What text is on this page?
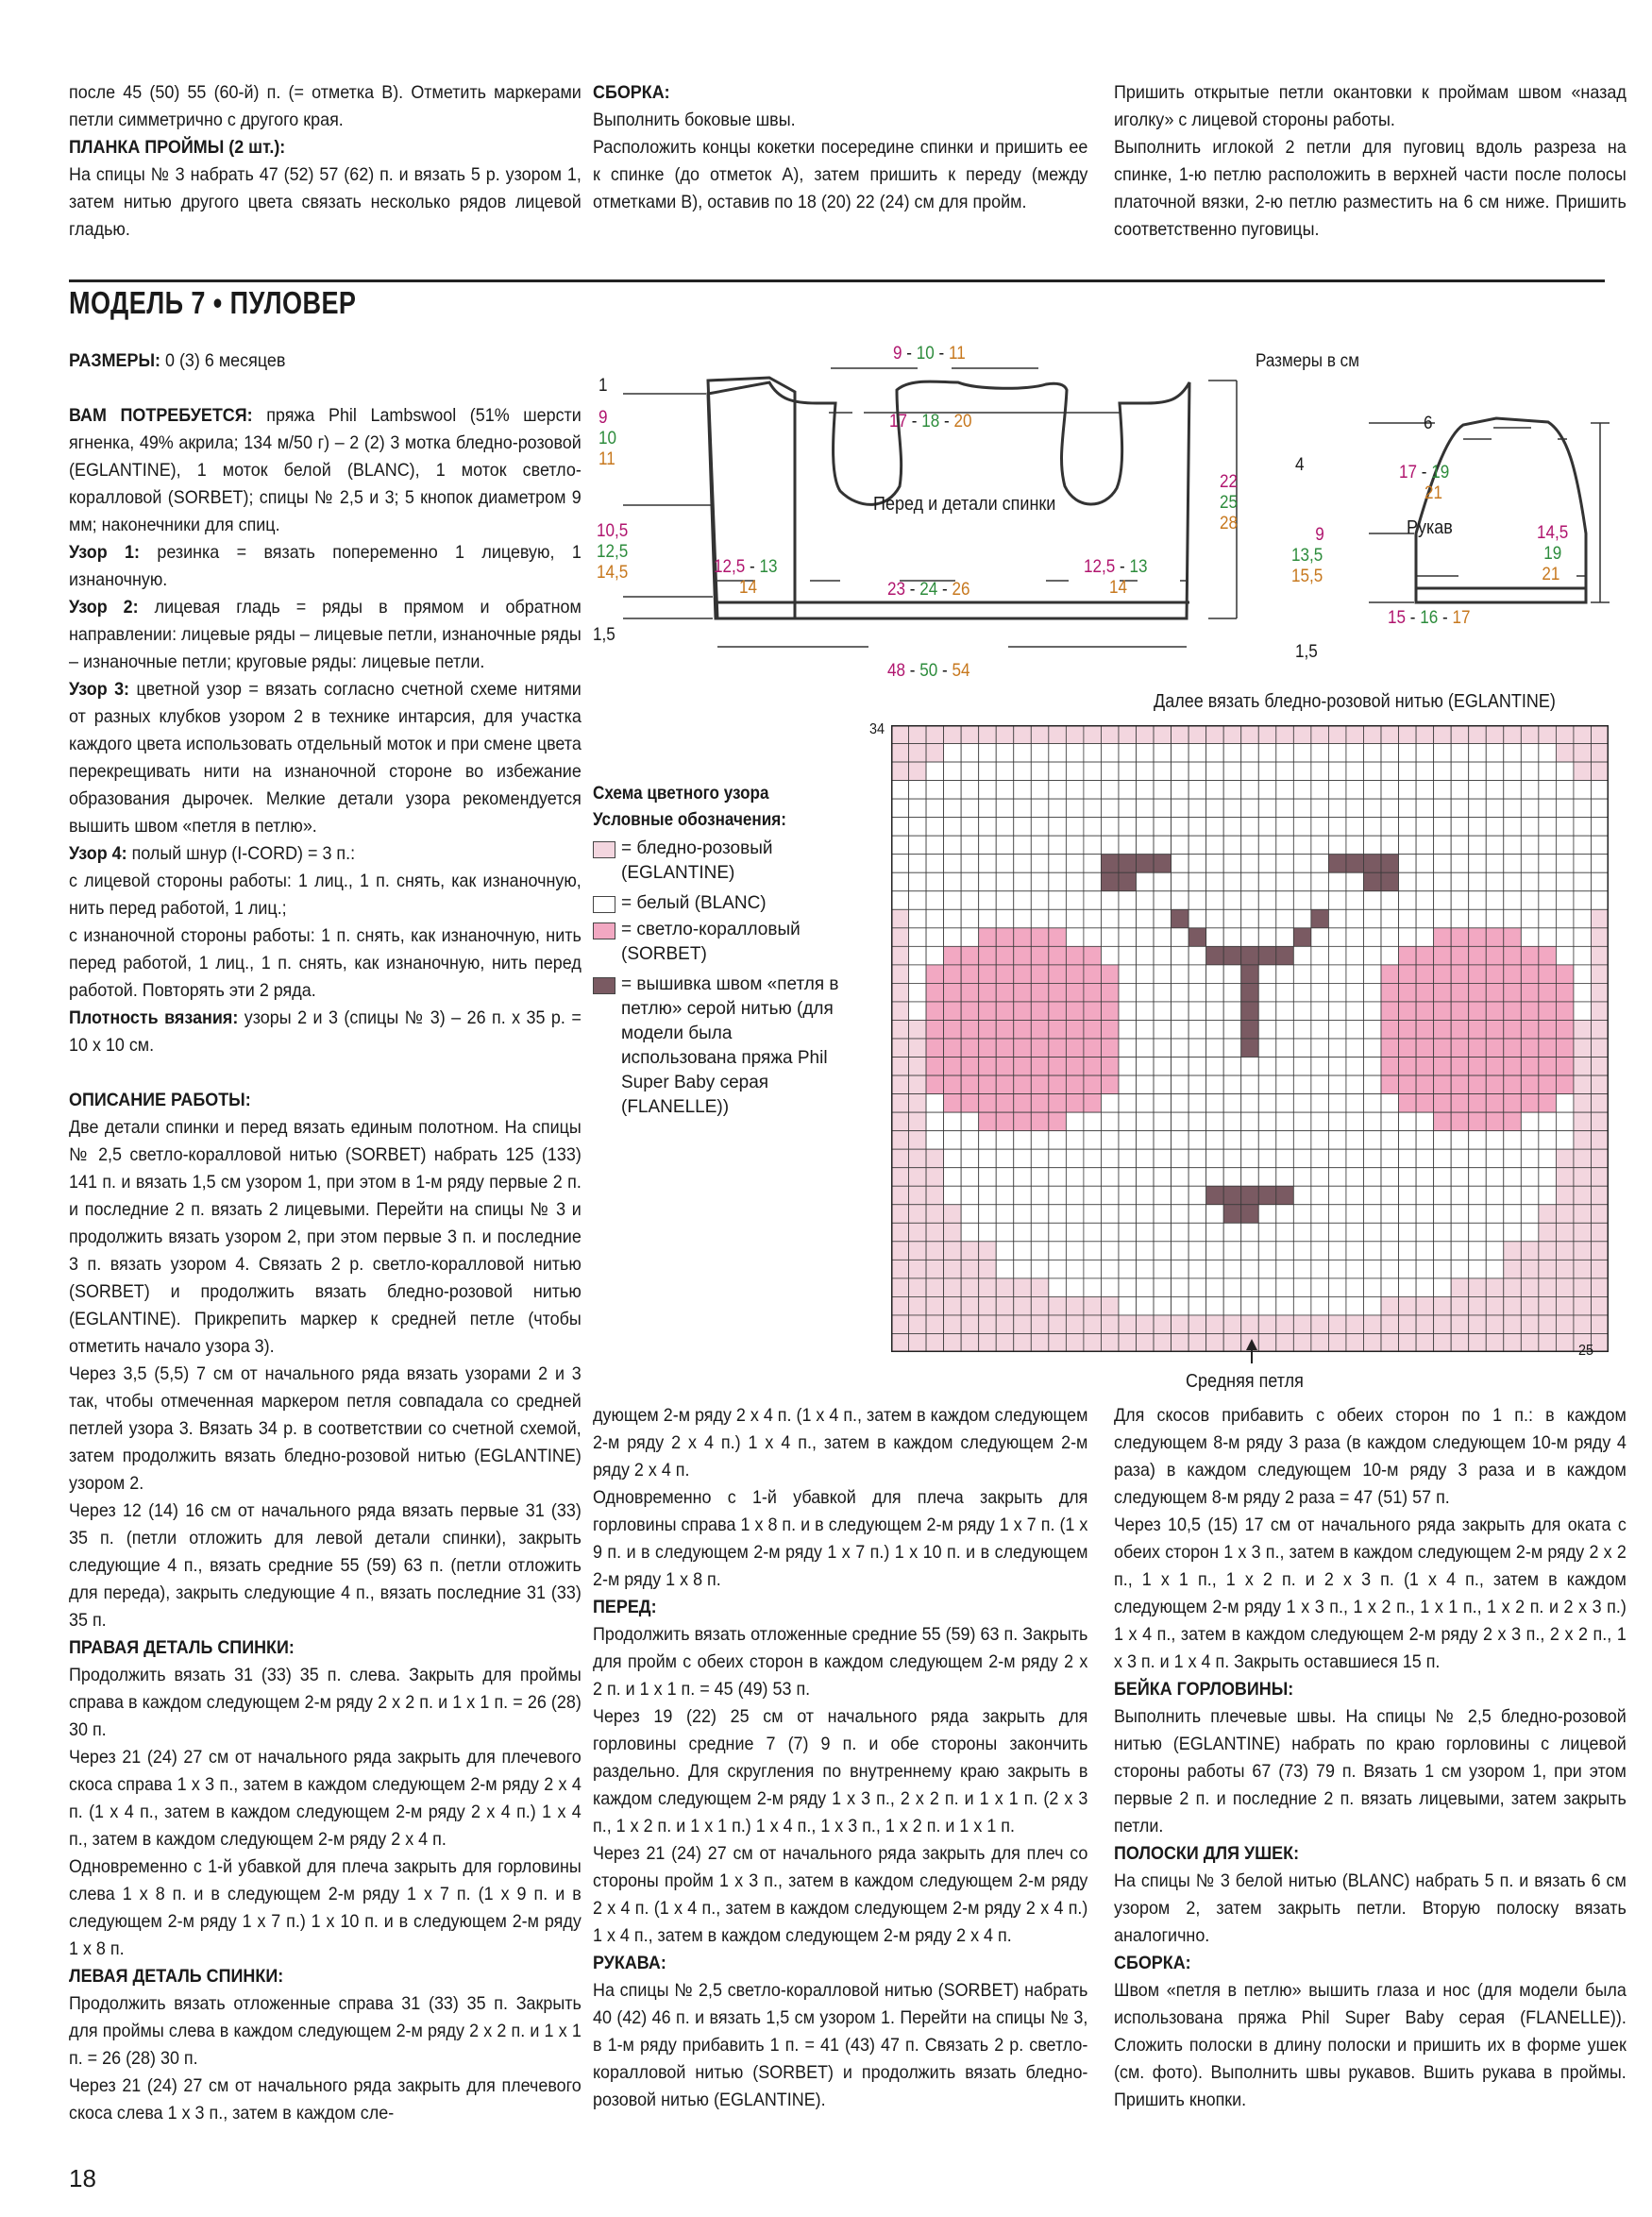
после 45 (50) 55 (60-й) п. (= отметка В). Отметить маркерами петли симметрично с другого края.

ПЛАНКА ПРОЙМЫ (2 шт.):

На спицы № 3 набрать 47 (52) 57 (62) п. и вязать 5 р. узором 1, затем нитью другого цвета связать несколько рядов лицевой гладью.

СБОРКА:

Выполнить боковые швы.

Расположить концы кокетки посередине спинки и пришить ее к спинке (до отметок А), затем пришить к переду (между отметками В), оставив по 18 (20) 22 (24) см для пройм.

Пришить открытые петли окантовки к проймам швом «назад иголку» с лицевой стороны работы.

Выполнить иглокой 2 петли для пуговиц вдоль разреза на спинке, 1-ю петлю расположить в верхней части после полосы платочной вязки, 2-ю петлю разместить на 6 см ниже. Пришить соответственно пуговицы.

МОДЕЛЬ 7 • ПУЛОВЕР

РАЗМЕРЫ: 0 (3) 6 месяцев

ВАМ ПОТРЕБУЕТСЯ: пряжа Phil Lambswool (51% шерсти ягненка, 49% акрила; 134 м/50 г) – 2 (2) 3 мотка бледно-розовой (EGLANTINE), 1 моток белой (BLANC), 1 моток светло-коралловой (SORBET); спицы № 2,5 и 3; 5 кнопок диаметром 9 мм; наконечники для спиц.

Узор 1: резинка = вязать попеременно 1 лицевую, 1 изнаночную.

Узор 2: лицевая гладь = ряды в прямом и обратном направлении: лицевые ряды – лицевые петли, изнаночные ряды – изнаночные петли; круговые ряды: лицевые петли.

Узор 3: цветной узор = вязать согласно счетной схеме нитями от разных клубков узором 2 в технике интарсия, для участка каждого цвета использовать отдельный моток и при смене цвета перекрещивать нити на изнаночной стороне во избежание образования дырочек. Мелкие детали узора рекомендуется вышить швом «петля в петлю».

Узор 4: полый шнур (I-CORD) = 3 п.:

с лицевой стороны работы: 1 лиц., 1 п. снять, как изнаночную, нить перед работой, 1 лиц.;

с изнаночной стороны работы: 1 п. снять, как изнаночную, нить перед работой, 1 лиц., 1 п. снять, как изнаночную, нить перед работой. Повторять эти 2 ряда.

Плотность вязания: узоры 2 и 3 (спицы № 3) – 26 п. х 35 р. = 10 х 10 см.

ОПИСАНИЕ РАБОТЫ:

Две детали спинки и перед вязать единым полотном. На спицы № 2,5 светло-коралловой нитью (SORBET) набрать 125 (133) 141 п. и вязать 1,5 см узором 1, при этом в 1-м ряду первые 2 п. и последние 2 п. вязать 2 лицевыми. Перейти на спицы № 3 и продолжить вязать узором 2, при этом первые 3 п. и последние 3 п. вязать узором 4. Связать 2 р. светло-коралловой нитью (SORBET) и продолжить вязать бледно-розовой нитью (EGLANTINE). Прикрепить маркер к средней петле (чтобы отметить начало узора 3).

Через 3,5 (5,5) 7 см от начального ряда вязать узорами 2 и 3 так, чтобы отмеченная маркером петля совпадала со средней петлей узора 3. Вязать 34 р. в соответствии со счетной схемой, затем продолжить вязать бледно-розовой нитью (EGLANTINE) узором 2.

Через 12 (14) 16 см от начального ряда вязать первые 31 (33) 35 п. (петли отложить для левой детали спинки), закрыть следующие 4 п., вязать средние 55 (59) 63 п. (петли отложить для переда), закрыть следующие 4 п., вязать последние 31 (33) 35 п.

ПРАВАЯ ДЕТАЛЬ СПИНКИ:

Продолжить вязать 31 (33) 35 п. слева. Закрыть для проймы справа в каждом следующем 2-м ряду 2 х 2 п. и 1 х 1 п. = 26 (28) 30 п.

Через 21 (24) 27 см от начального ряда закрыть для плечевого скоса справа 1 х 3 п., затем в каждом следующем 2-м ряду 2 х 4 п. (1 х 4 п., затем в каждом следующем 2-м ряду 2 х 4 п.) 1 х 4 п., затем в каждом следующем 2-м ряду 2 х 4 п.

Одновременно с 1-й убавкой для плеча закрыть для горловины слева 1 х 8 п. и в следующем 2-м ряду 1 х 7 п. (1 х 9 п. и в следующем 2-м ряду 1 х 7 п.) 1 х 10 п. и в следующем 2-м ряду 1 х 8 п.

ЛЕВАЯ ДЕТАЛЬ СПИНКИ:

Продолжить вязать отложенные справа 31 (33) 35 п. Закрыть для проймы слева в каждом следующем 2-м ряду 2 х 2 п. и 1 х 1 п. = 26 (28) 30 п.

Через 21 (24) 27 см от начального ряда закрыть для плечевого скоса слева 1 х 3 п., затем в каждом сле-

дующем 2-м ряду 2 х 4 п. (1 х 4 п., затем в каждом следующем 2-м ряду 2 х 4 п.) 1 х 4 п., затем в каждом следующем 2-м ряду 2 х 4 п.

Одновременно с 1-й убавкой для плеча закрыть для горловины справа 1 х 8 п. и в следующем 2-м ряду 1 х 7 п. (1 х 9 п. и в следующем 2-м ряду 1 х 7 п.) 1 х 10 п. и в следующем 2-м ряду 1 х 8 п.

ПЕРЕД:

Продолжить вязать отложенные средние 55 (59) 63 п. Закрыть для пройм с обеих сторон в каждом следующем 2-м ряду 2 х 2 п. и 1 х 1 п. = 45 (49) 53 п.

Через 19 (22) 25 см от начального ряда закрыть для горловины средние 7 (7) 9 п. и обе стороны закончить раздельно. Для скругления по внутреннему краю закрыть в каждом следующем 2-м ряду 1 х 3 п., 2 х 2 п. и 1 х 1 п. (2 х 3 п., 1 х 2 п. и 1 х 1 п.) 1 х 4 п., 1 х 3 п., 1 х 2 п. и 1 х 1 п.

Через 21 (24) 27 см от начального ряда закрыть для плеч со стороны пройм 1 х 3 п., затем в каждом следующем 2-м ряду 2 х 4 п. (1 х 4 п., затем в каждом следующем 2-м ряду 2 х 4 п.) 1 х 4 п., затем в каждом следующем 2-м ряду 2 х 4 п.

РУКАВА:

На спицы № 2,5 светло-коралловой нитью (SORBET) набрать 40 (42) 46 п. и вязать 1,5 см узором 1. Перейти на спицы № 3, в 1-м ряду прибавить 1 п. = 41 (43) 47 п. Связать 2 р. светло-коралловой нитью (SORBET) и продолжить вязать бледно-розовой нитью (EGLANTINE).

Для скосов прибавить с обеих сторон по 1 п.: в каждом следующем 8-м ряду 3 раза (в каждом следующем 10-м ряду 4 раза) в каждом следующем 10-м ряду 3 раза и в каждом следующем 8-м ряду 2 раза = 47 (51) 57 п.

Через 10,5 (15) 17 см от начального ряда закрыть для оката с обеих сторон 1 х 3 п., затем в каждом следующем 2-м ряду 2 х 2 п., 1 х 1 п., 1 х 2 п. и 2 х 3 п. (1 х 4 п., затем в каждом следующем 2-м ряду 1 х 3 п., 1 х 2 п., 1 х 1 п., 1 х 2 п. и 2 х 3 п.) 1 х 4 п., затем в каждом следующем 2-м ряду 2 х 3 п., 2 х 2 п., 1 х 3 п. и 1 х 4 п. Закрыть оставшиеся 15 п.

БЕЙКА ГОРЛОВИНЫ:

Выполнить плечевые швы. На спицы № 2,5 бледно-розовой нитью (EGLANTINE) набрать по краю горловины с лицевой стороны работы 67 (73) 79 п. Вязать 1 см узором 1, при этом первые 2 п. и последние 2 п. вязать лицевыми, затем закрыть петли.

ПОЛОСКИ ДЛЯ УШЕК:

На спицы № 3 белой нитью (BLANC) набрать 5 п. и вязать 6 см узором 2, затем закрыть петли. Вторую полоску вязать аналогично.

СБОРКА:

Швом «петля в петлю» вышить глаза и нос (для модели была использована пряжа Phil Super Baby серая (FLANELLE)). Сложить полоски в длину полоски и пришить их в форме ушек (см. фото). Выполнить швы рукавов. Вшить рукава в проймы. Пришить кнопки.

Размеры в см
1
9
10
11
10,5
12,5
14,5
1,5
9 - 10 - 11
17 - 18 - 20
Перед и детали спинки
12,5 - 13
14	23 - 24 - 26
12,5 - 13
14
48 - 50 - 54
22
25
28
6
4	17 - 19
21
Рукав
9
13,5
15,5
14,5
19
21
15 - 16 - 17
1,5
Далее вязать бледно-розовой нитью (EGLANTINE)
34
25
Средняя петля
Схема цветного узора
Условные обозначения:
= бледно-розовый (EGLANTINE)
= белый (BLANC)
= светло-коралловый (SORBET)
= вышивка швом «петля в петлю» серой нитью (для модели была использована пряжа Phil Super Baby серая (FLANELLE))
18
